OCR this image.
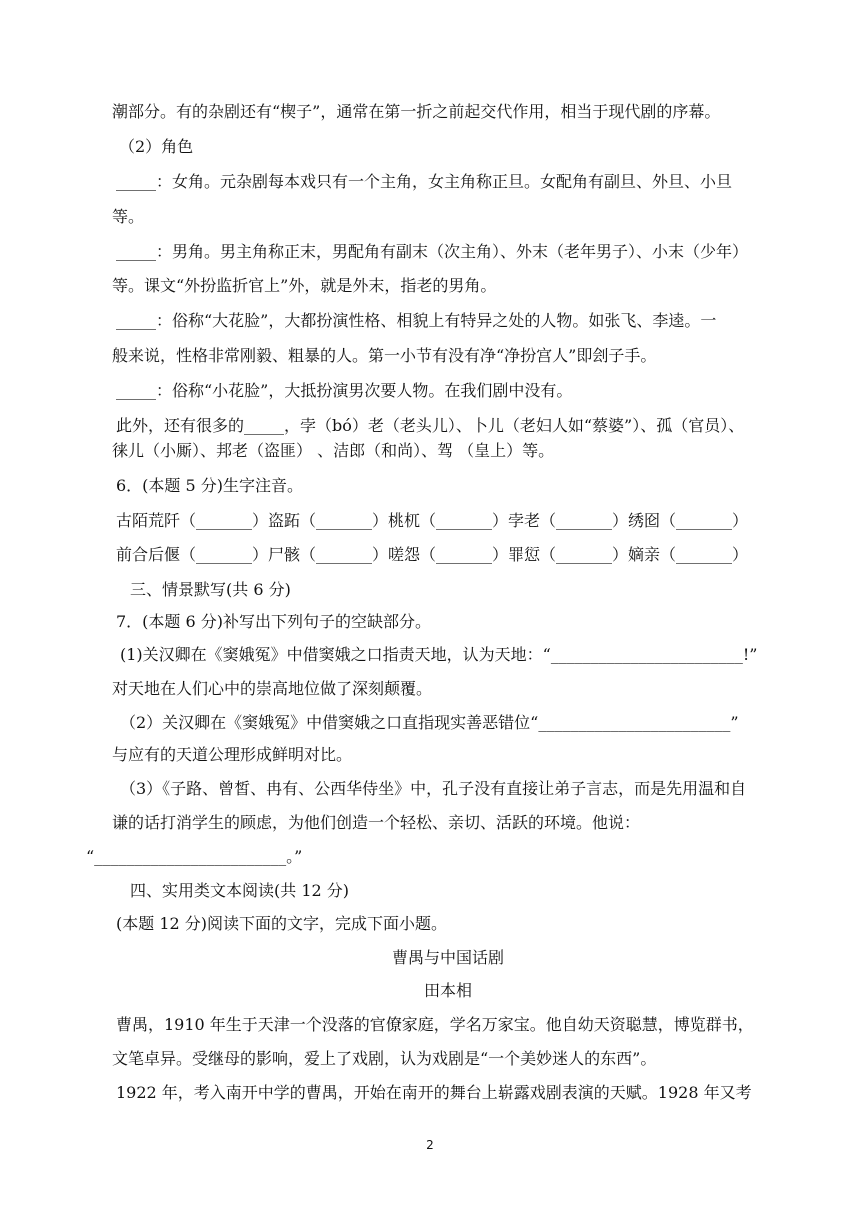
潮部分。有的杂剧还有“楔子”，通常在第一折之前起交代作用，相当于现代剧的序幕。
（2）角色
_____：女角。元杂剧每本戏只有一个主角，女主角称正旦。女配角有副旦、外旦、小旦
等。
_____：男角。男主角称正末，男配角有副末（次主角）、外末（老年男子）、小末（少年）
等。课文“外扮监折官上”外，就是外末，指老的男角。
_____：俗称“大花脸”，大都扮演性格、相貌上有特异之处的人物。如张飞、李逵。一
般来说，性格非常刚毅、粗暴的人。第一小节有没有净“净扮宫人”即刽子手。
_____：俗称“小花脸”，大抵扮演男次要人物。在我们剧中没有。
此外，还有很多的_____，孛（bó）老（老头儿）、卜儿（老妇人如“蔡婆”）、孤（官员）、
徕儿（小厮）、邦老（盗匪） 、洁郎（和尚）、驾 （皇上）等。
6．(本题 5 分)生字注音。
古陌荒阡（_______）盗跖（_______）桃杌（_______）孛老（_______）绣囵（_______）
前合后偃（_______）尸骸（_______）嗟怨（_______）罪愆（_______）嫡亲（_______）
三、情景默写(共 6 分)
7．(本题 6 分)补写出下列句子的空缺部分。
(1)关汉卿在《窦娥冤》中借窦娥之口指责天地，认为天地：“________________________!”
对天地在人们心中的崇高地位做了深刻颠覆。
（2）关汉卿在《窦娥冤》中借窦娥之口直指现实善恶错位“________________________”
与应有的天道公理形成鲜明对比。
（3）《子路、曾皙、冉有、公西华侍坐》中，孔子没有直接让弟子言志，而是先用温和自
谦的话打消学生的顾虑，为他们创造一个轻松、亲切、活跃的环境。他说：
“________________________。”
四、实用类文本阅读(共 12 分)
(本题 12 分)阅读下面的文字，完成下面小题。
曹禺与中国话剧
田本相
曹禺，1910 年生于天津一个没落的官僚家庭，学名万家宝。他自幼天资聪慧，博览群书，
文笔卓异。受继母的影响，爱上了戏剧，认为戏剧是“一个美妙迷人的东西”。
1922 年，考入南开中学的曹禺，开始在南开的舞台上崭露戏剧表演的天赋。1928 年又考
2
